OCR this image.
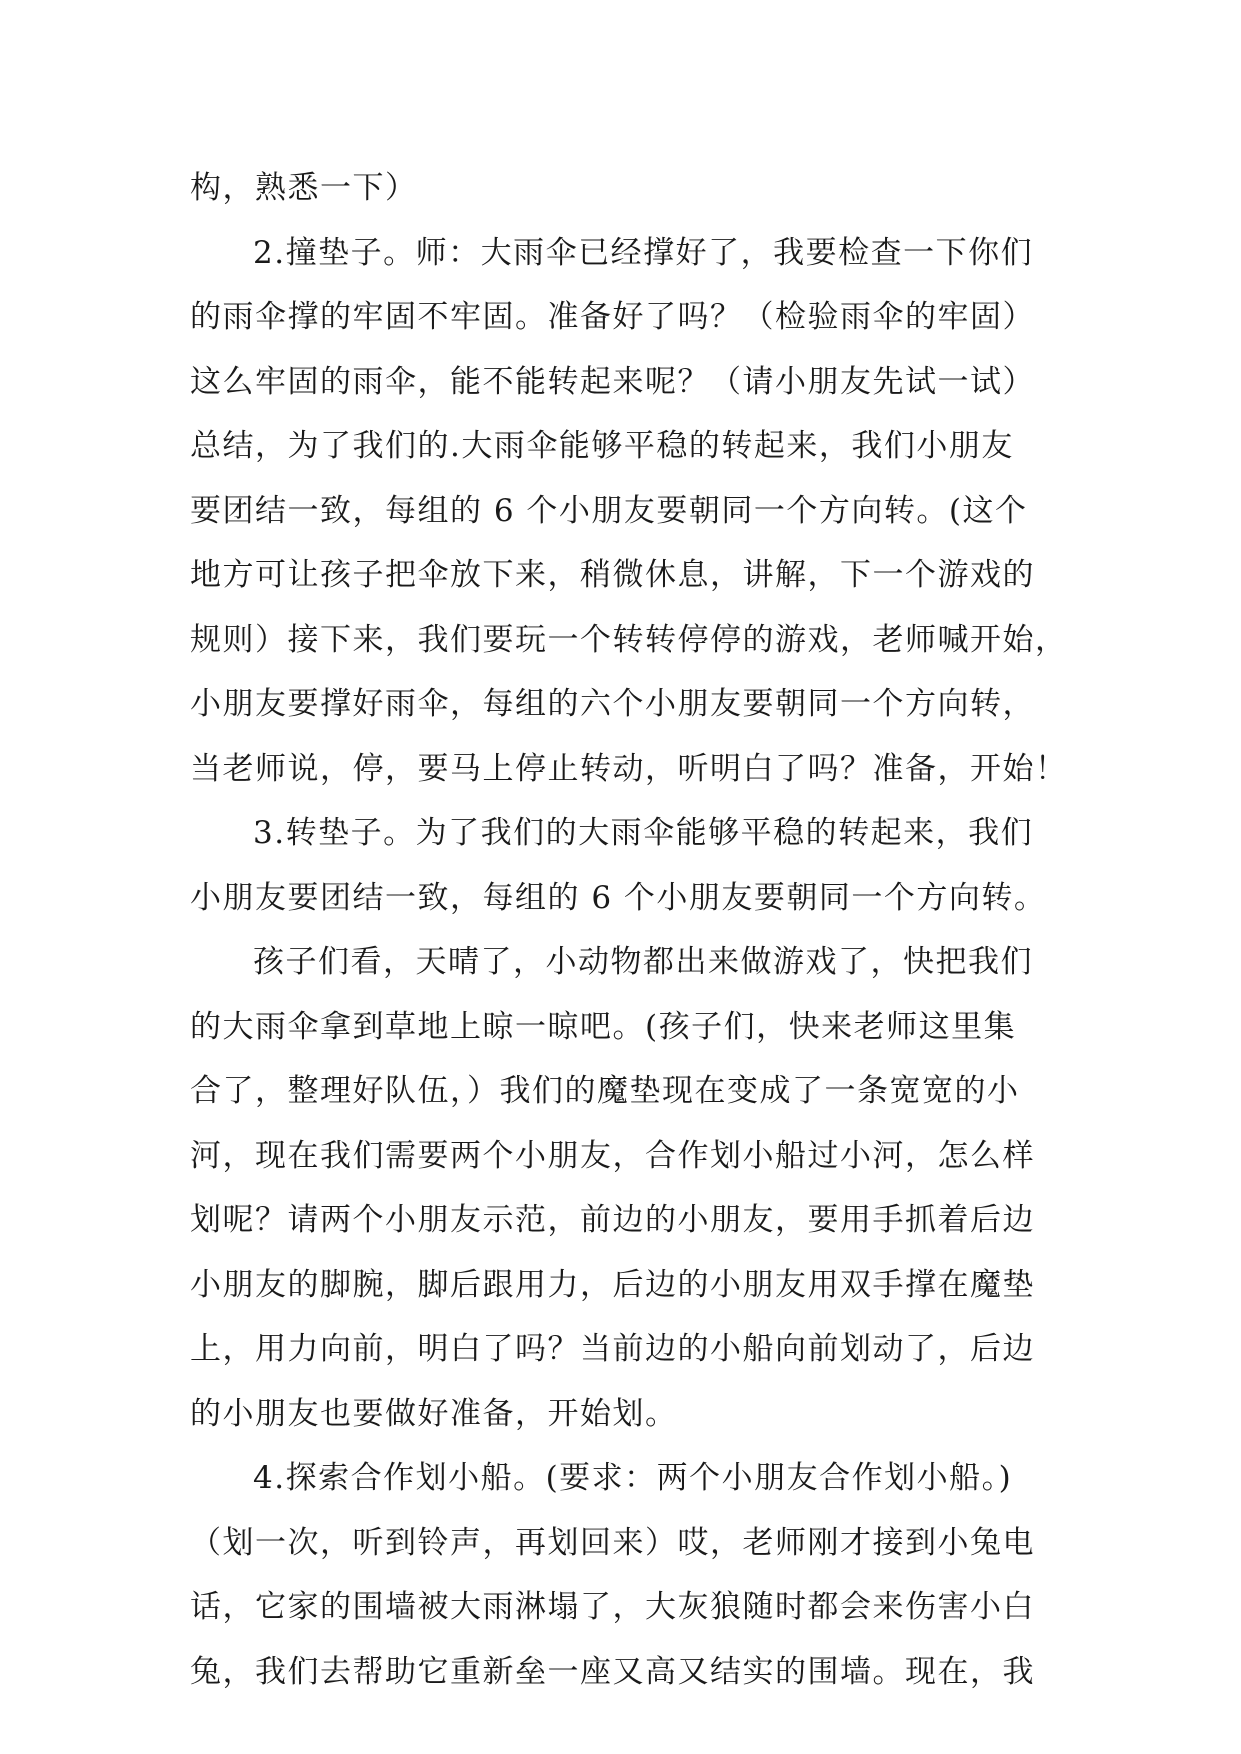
构，熟悉一下）
2.撞垫子。师：大雨伞已经撑好了，我要检查一下你们
的雨伞撑的牢固不牢固。准备好了吗？（检验雨伞的牢固）
这么牢固的雨伞，能不能转起来呢？（请小朋友先试一试）
总结，为了我们的.大雨伞能够平稳的转起来，我们小朋友
要团结一致，每组的 6 个小朋友要朝同一个方向转。(这个
地方可让孩子把伞放下来，稍微休息，讲解，下一个游戏的
规则）接下来，我们要玩一个转转停停的游戏，老师喊开始，
小朋友要撑好雨伞，每组的六个小朋友要朝同一个方向转，
当老师说，停，要马上停止转动，听明白了吗？准备，开始！
3.转垫子。为了我们的大雨伞能够平稳的转起来，我们
小朋友要团结一致，每组的 6 个小朋友要朝同一个方向转。
孩子们看，天晴了，小动物都出来做游戏了，快把我们
的大雨伞拿到草地上晾一晾吧。(孩子们，快来老师这里集
合了，整理好队伍，）我们的魔垫现在变成了一条宽宽的小
河，现在我们需要两个小朋友，合作划小船过小河，怎么样
划呢？请两个小朋友示范，前边的小朋友，要用手抓着后边
小朋友的脚腕，脚后跟用力，后边的小朋友用双手撑在魔垫
上，用力向前，明白了吗？当前边的小船向前划动了，后边
的小朋友也要做好准备，开始划。
4.探索合作划小船。(要求：两个小朋友合作划小船。)
（划一次，听到铃声，再划回来）哎，老师刚才接到小兔电
话，它家的围墙被大雨淋塌了，大灰狼随时都会来伤害小白
兔，我们去帮助它重新垒一座又高又结实的围墙。现在，我
